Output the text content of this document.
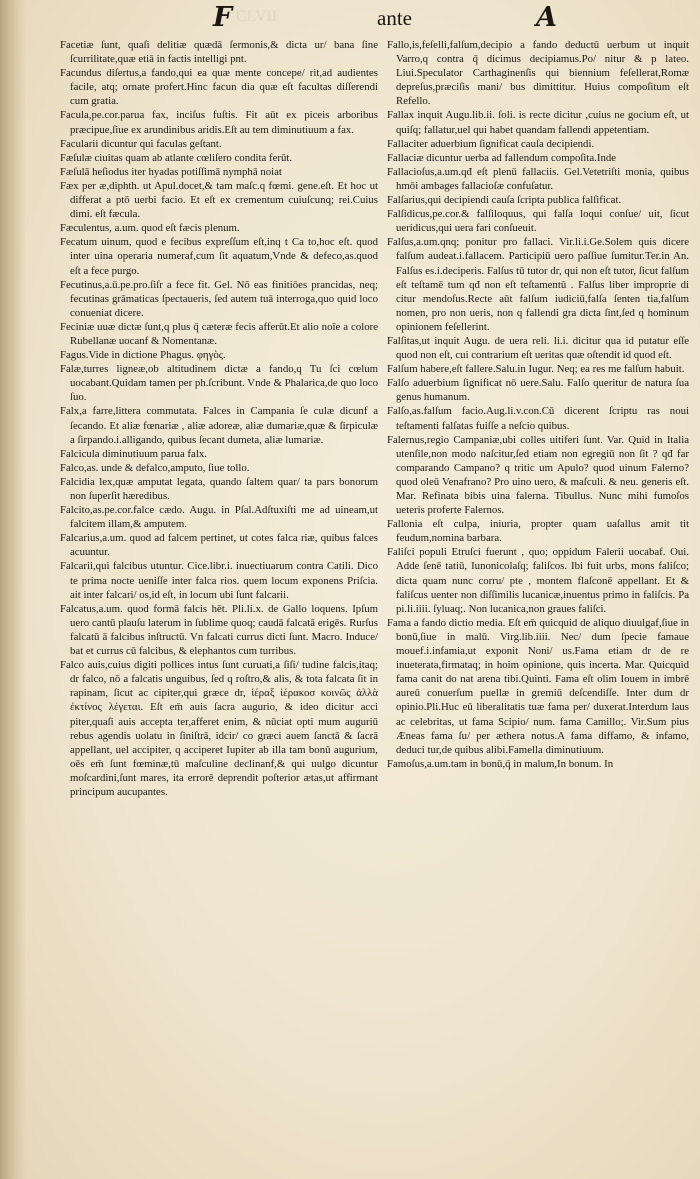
CLVII
F	ante	A

Facetiæ ſunt, quaſi delitiæ quædā ſermonis,& dicta ur/ bana ſine ſcurrilitate,quæ etiā in factis intelligi pnt.

Facundus diſertus,a fando,qui ea quæ mente concepe/ rit,ad audientes facile, atq; ornate profert.Hinc facun dia quæ eſt facultas diſſerendi cum gratia.

Facula,pe.cor.parua fax, inciſus fuſtis. Fit aūt ex piceis arboribus præcipue,ſiue ex arundinibus aridis.Eſt au tem diminutiuum a fax.

Facularii dicuntur qui faculas geſtant.

Fæſulæ ciuitas quam ab atlante cœliſero condita ferūt.

Fæſulā heſiodus iter hyadas potiſſimā nymphā noiat

Fæx per æ,diphth. ut Apul.docet,& tam maſc.q fœmi. gene.eſt. Et hoc ut differat a ptō uerbi facio. Et eſt ex crementum cuiuſcunq; rei.Cuius dimi. eſt fæcula.

Fæculentus, a.um. quod eſt fæcis plenum.

Fecatum uinum, quod e fecibus expreſſum eſt,inq t Ca to,hoc eſt. quod inter uina operaria numeraf,cum ſit aquatum,Vnde & defeco,as.quod eſt a fece purgo.

Fecutinus,a.ū.pe.pro.ſiſr a fece fit. Gel. Nō eas finitiōes prancidas, neq; fecutinas grāmaticas ſpectaueris, ſed autem tuā interroga,quo quid loco conueniat dicere.

Feciniæ uuæ dictæ ſunt,q plus q̄ cæteræ fecis afferūt.Et alio noīe a colore Rubellanæ uocanf & Nomentanæ.

Fagus.Vide in dictione Phagus. φηγὸς.

Falæ,turres ligneæ,ob altitudinem dictæ a fando,q Tu ſci cœlum uocabant.Quidam tamen per ph.ſcribunt. Vnde & Phalarica,de quo loco ſuo.

Falx,a farre,littera commutata. Falces in Campania ſe culæ dicunf a ſecando. Et aliæ fœnariæ , aliæ adoreæ, aliæ dumariæ,quæ & ſirpiculæ a ſirpando.i.alligando, quibus ſecant dumeta, aliæ lumariæ.

Falcicula diminutiuum parua falx.

Falco,as. unde & defalco,amputo, ſiue tollo.

Falcidia lex,quæ amputat legata, quando ſaltem quar/ ta pars bonorum non ſuperſit hæredibus.

Falcito,as.pe.cor.falce cædo. Augu. in Pſal.Adſtuxiſti me ad uineam,ut falcitem illam,& amputem.

Falcarius,a.um. quod ad falcem pertinet, ut cotes falca riæ, quibus falces acuuntur.

Falcarii,qui falcibus utuntur. Cice.libr.i. inuectiuarum contra Catili. Dico te prima nocte ueniſſe inter falca rios. quem locum exponens Priſcia. ait inter falcari/ os,id eſt, in locum ubi ſunt falcarii.

Falcatus,a.um. quod formā falcis hēt. Pli.li.x. de Gallo loquens. Ipſum uero cantū plauſu laterum in ſublime quoq; caudā falcatā erigēs. Rurſus falcatū ā falcibus inſtructū. Vn falcati currus dicti ſunt. Macro. Induce/ bat et currus cū falcibus, & elephantos cum turribus.

Falco auis,cuius digiti pollices intus ſunt curuati,a ſiſi/ tudine falcis,itaq; dr falco, nō a falcatis unguibus, ſed q roſtro,& alis, & tota falcata ſit in rapinam, ſicut ac cipiter,qui græce dr, ἱέραξ ἱέρακοσ κοινῶς ἀλλὰ ἐκτίνος λέγεται. Eſt em̄ auis ſacra augurio, & ideo dicitur acci piter,quaſi auis accepta ter,afferet enim, & nūciat opti mum auguriū rebus agendis uolatu in ſiniſtrā, idcir/ co græci auem ſanctā & ſacrā appellant, uel accipiter, q acciperet Iupiter ab illa tam bonū augurium, oēs em̄ ſunt fœminæ,tū maſculine declinanf,& qui uulgo dicuntur moſcardini,ſunt mares, ita errorē deprendit poſterior ætas,ut affirmant principum aucupantes.

Fallo,is,feſelli,falſum,decipio a fando deductū uerbum ut inquit Varro,q contra q̄ dicimus decipiamus.Po/ nitur & p lateo. Liui.Speculator Carthaginenſis qui biennium feſellerat,Romæ depreſus,præciſis mani/ bus dimittitur. Huius compoſitum eſt Refello.

Fallax inquit Augu.lib.ii. ſoli. is recte dicitur ,cuius ne gocium eſt, ut quiſq; fallatur,uel qui habet quandam fallendi appetentiam.

Fallaciter aduerbium ſignificat cauſa decipiendi.

Fallaciæ dicuntur uerba ad fallendum compoſita.Inde

Fallacioſus,a.um.qđ eſt plenū fallaciis. Gel.Vetetriſti monia, quibus hmōi ambages fallacioſæ confuſatur.

Falſarius,qui decipiendi cauſa ſcripta publica falſificat.

Falſidicus,pe.cor.& falſiloquus, qui falſa loqui conſue/ uit, ſicut ueridicus,qui uera fari conſueuit.

Falſus,a.um.qnq; ponitur pro fallaci. Vir.li.i.Ge.Solem quis dicere falſum audeat.i.fallacem. Participiū uero paſſiue ſumitur.Ter.in An. Falſus es.i.deciperis. Falſus tū tutor dr, qui non eſt tutor, ſicut falſum eſt teſtamē tum qđ non eſt teſtamentū . Falſus liber improprie di citur mendoſus.Recte aūt falſum iudiciū,falſa ſenten tia,falſum nomen, pro non ueris, non q fallendi gra dicta ſint,ſed q hominum opinionem feſellerint.

Falſitas,ut inquit Augu. de uera reli. li.i. dicitur qua id putatur eſſe quod non eſt, cui contrarium eſt ueritas quæ oſtendit id quod eſt.

Falſum habere,eſt fallere.Salu.in Iugur. Neq; ea res me falſum habuit.

Falſo aduerbium ſignificat nō uere.Salu. Falſo queritur de natura ſua genus humanum.

Falſo,as.falſum facio.Aug.li.v.con.Cū dicerent ſcriptu ras noui teſtamenti falſatas fuiſſe a neſcio quibus.

Falernus,regio Campaniæ,ubi colles uitiferi ſunt. Var. Quid in Italia utenſile,non modo naſcitur,ſed etiam non egregiū non ſit ? qđ far comparando Campano? q tritic um Apulo? quod uinum Falerno? quod oleū Venafrano? Pro uino uero, & maſculi. & neu. generis eſt. Mar. Refinata bibis uina falerna. Tibullus. Nunc mihi fumoſos ueteris proferte Falernos.

Fallonia eſt culpa, iniuria, propter quam uaſallus amit tit feudum,nomina barbara.

Faliſci populi Etruſci fuerunt , quo; oppidum Falerii uocabaf. Oui. Adde ſenē tatiū, Iunonicolaſq; faliſcos. Ibi fuit urbs, mons faliſco; dicta quam nunc corru/ pte , montem flaſconē appellant. Et & faliſcus uenter non diſſimilis lucanicæ,inuentus primo in faliſcis. Pa pi.li.iiii. ſyluaq;. Non lucanica,non graues faliſci.

Fama a fando dictio media. Eſt em̄ quicquid de aliquo diuulgaf,ſiue in bonū,ſiue in malū. Virg.lib.iiii. Nec/ dum ſpecie famaue mouef.i.infamia,ut exponit Noni/ us.Fama etiam dr de re inueterata,firmataq; in hoim opinione, quis incerta. Mar. Quicquid fama canit do nat arena tibi.Quinti. Fama eſt olim Iouem in imbrē aureū conuerſum puellæ in gremiū deſcendiſſe. Inter dum dr opinio.Pli.Huc eū liberalitatis tuæ fama per/ duxerat.Interdum laus ac celebritas, ut fama Scipio/ num. fama Camillo;. Vir.Sum pius Æneas fama ſu/ per æthera notus.A fama diffamo, & infamo, deduci tur,de quibus alibi.Famella diminutiuum.

Famoſus,a.um.tam in bonū,q̄ in malum,In bonum. In
